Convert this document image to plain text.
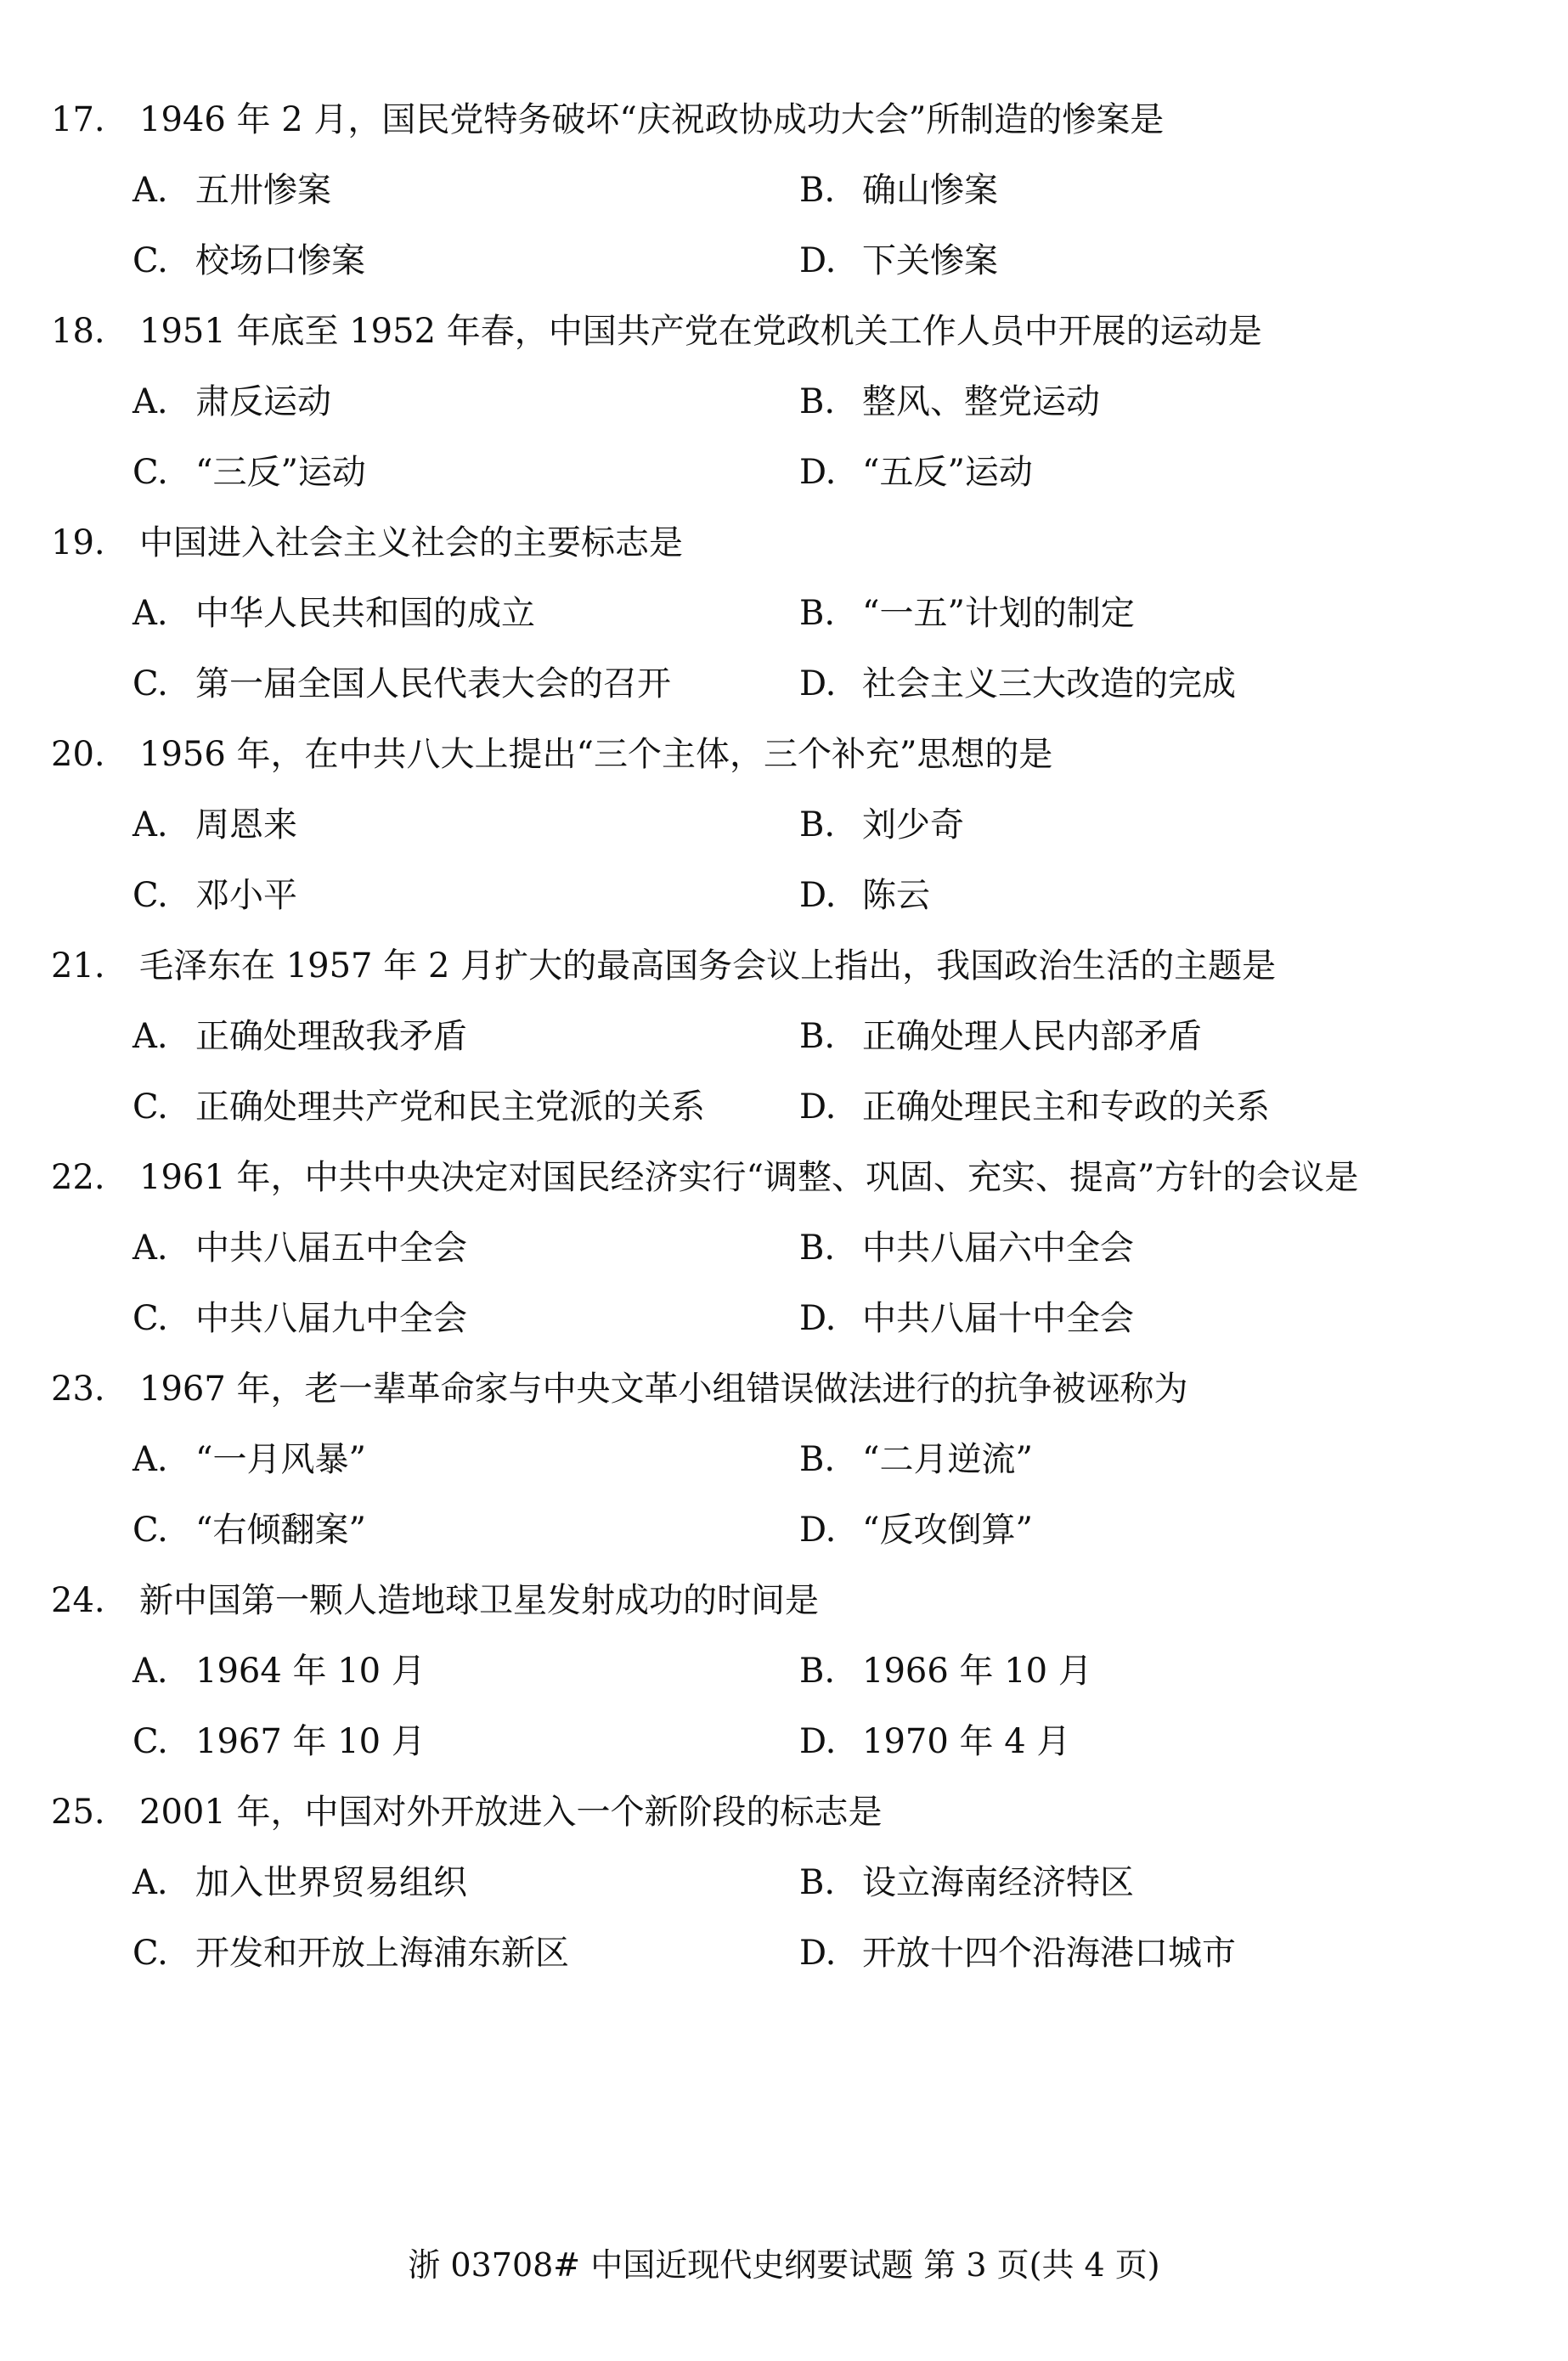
17. 1946 年 2 月，国民党特务破坏“庆祝政协成功大会”所制造的惨案是
A. 五卅惨案	B. 确山惨案
C. 校场口惨案	D. 下关惨案
18. 1951 年底至 1952 年春，中国共产党在党政机关工作人员中开展的运动是
A. 肃反运动	B. 整风、整党运动
C. “三反”运动	D. “五反”运动
19. 中国进入社会主义社会的主要标志是
A. 中华人民共和国的成立	B. “一五”计划的制定
C. 第一届全国人民代表大会的召开	D. 社会主义三大改造的完成
20. 1956 年，在中共八大上提出“三个主体，三个补充”思想的是
A. 周恩来	B. 刘少奇
C. 邓小平	D. 陈云
21. 毛泽东在 1957 年 2 月扩大的最高国务会议上指出，我国政治生活的主题是
A. 正确处理敌我矛盾	B. 正确处理人民内部矛盾
C. 正确处理共产党和民主党派的关系	D. 正确处理民主和专政的关系
22. 1961 年，中共中央决定对国民经济实行“调整、巩固、充实、提高”方针的会议是
A. 中共八届五中全会	B. 中共八届六中全会
C. 中共八届九中全会	D. 中共八届十中全会
23. 1967 年，老一辈革命家与中央文革小组错误做法进行的抗争被诬称为
A. “一月风暴”	B. “二月逆流”
C. “右倾翻案”	D. “反攻倒算”
24. 新中国第一颗人造地球卫星发射成功的时间是
A. 1964 年 10 月	B. 1966 年 10 月
C. 1967 年 10 月	D. 1970 年 4 月
25. 2001 年，中国对外开放进入一个新阶段的标志是
A. 加入世界贸易组织	B. 设立海南经济特区
C. 开发和开放上海浦东新区	D. 开放十四个沿海港口城市
浙 03708# 中国近现代史纲要试题 第 3 页(共 4 页)
